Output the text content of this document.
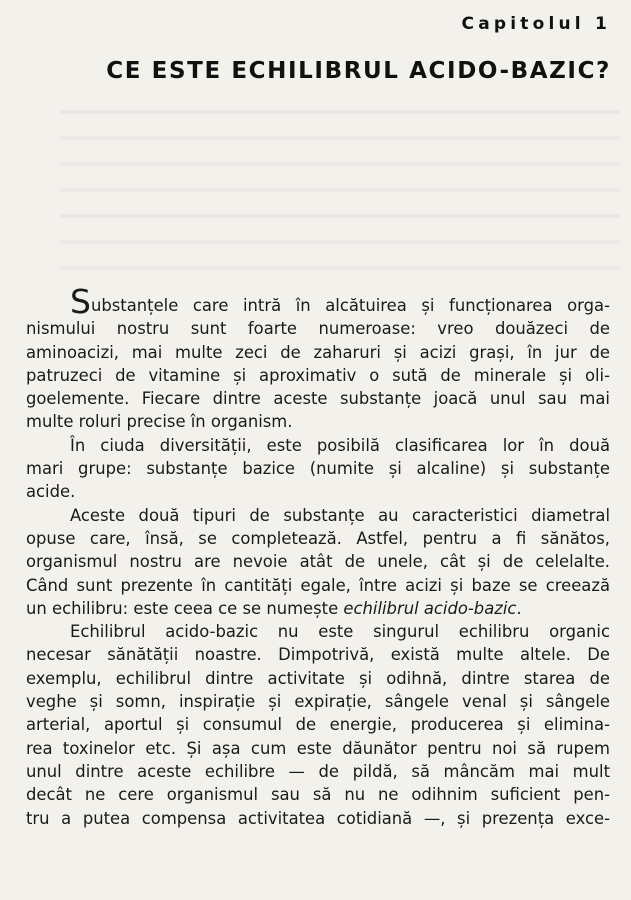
Capitolul 1
CE ESTE ECHILIBRUL ACIDO-BAZIC?
Substanțele care intră în alcătuirea și funcționarea orga-
nismului nostru sunt foarte numeroase: vreo douăzeci de
aminoacizi, mai multe zeci de zaharuri și acizi grași, în jur de
patruzeci de vitamine și aproximativ o sută de minerale și oli-
goelemente. Fiecare dintre aceste substanțe joacă unul sau mai
multe roluri precise în organism.
În ciuda diversității, este posibilă clasificarea lor în două
mari grupe: substanțe bazice (numite și alcaline) și substanțe
acide.
Aceste două tipuri de substanțe au caracteristici diametral
opuse care, însă, se completează. Astfel, pentru a fi sănătos,
organismul nostru are nevoie atât de unele, cât și de celelalte.
Când sunt prezente în cantități egale, între acizi și baze se creează
un echilibru: este ceea ce se numește echilibrul acido-bazic.
Echilibrul acido-bazic nu este singurul echilibru organic
necesar sănătății noastre. Dimpotrivă, există multe altele. De
exemplu, echilibrul dintre activitate și odihnă, dintre starea de
veghe și somn, inspirație și expirație, sângele venal și sângele
arterial, aportul și consumul de energie, producerea și elimina-
rea toxinelor etc. Și așa cum este dăunător pentru noi să rupem
unul dintre aceste echilibre — de pildă, să mâncăm mai mult
decât ne cere organismul sau să nu ne odihnim suficient pen-
tru a putea compensa activitatea cotidiană —, și prezența exce-
